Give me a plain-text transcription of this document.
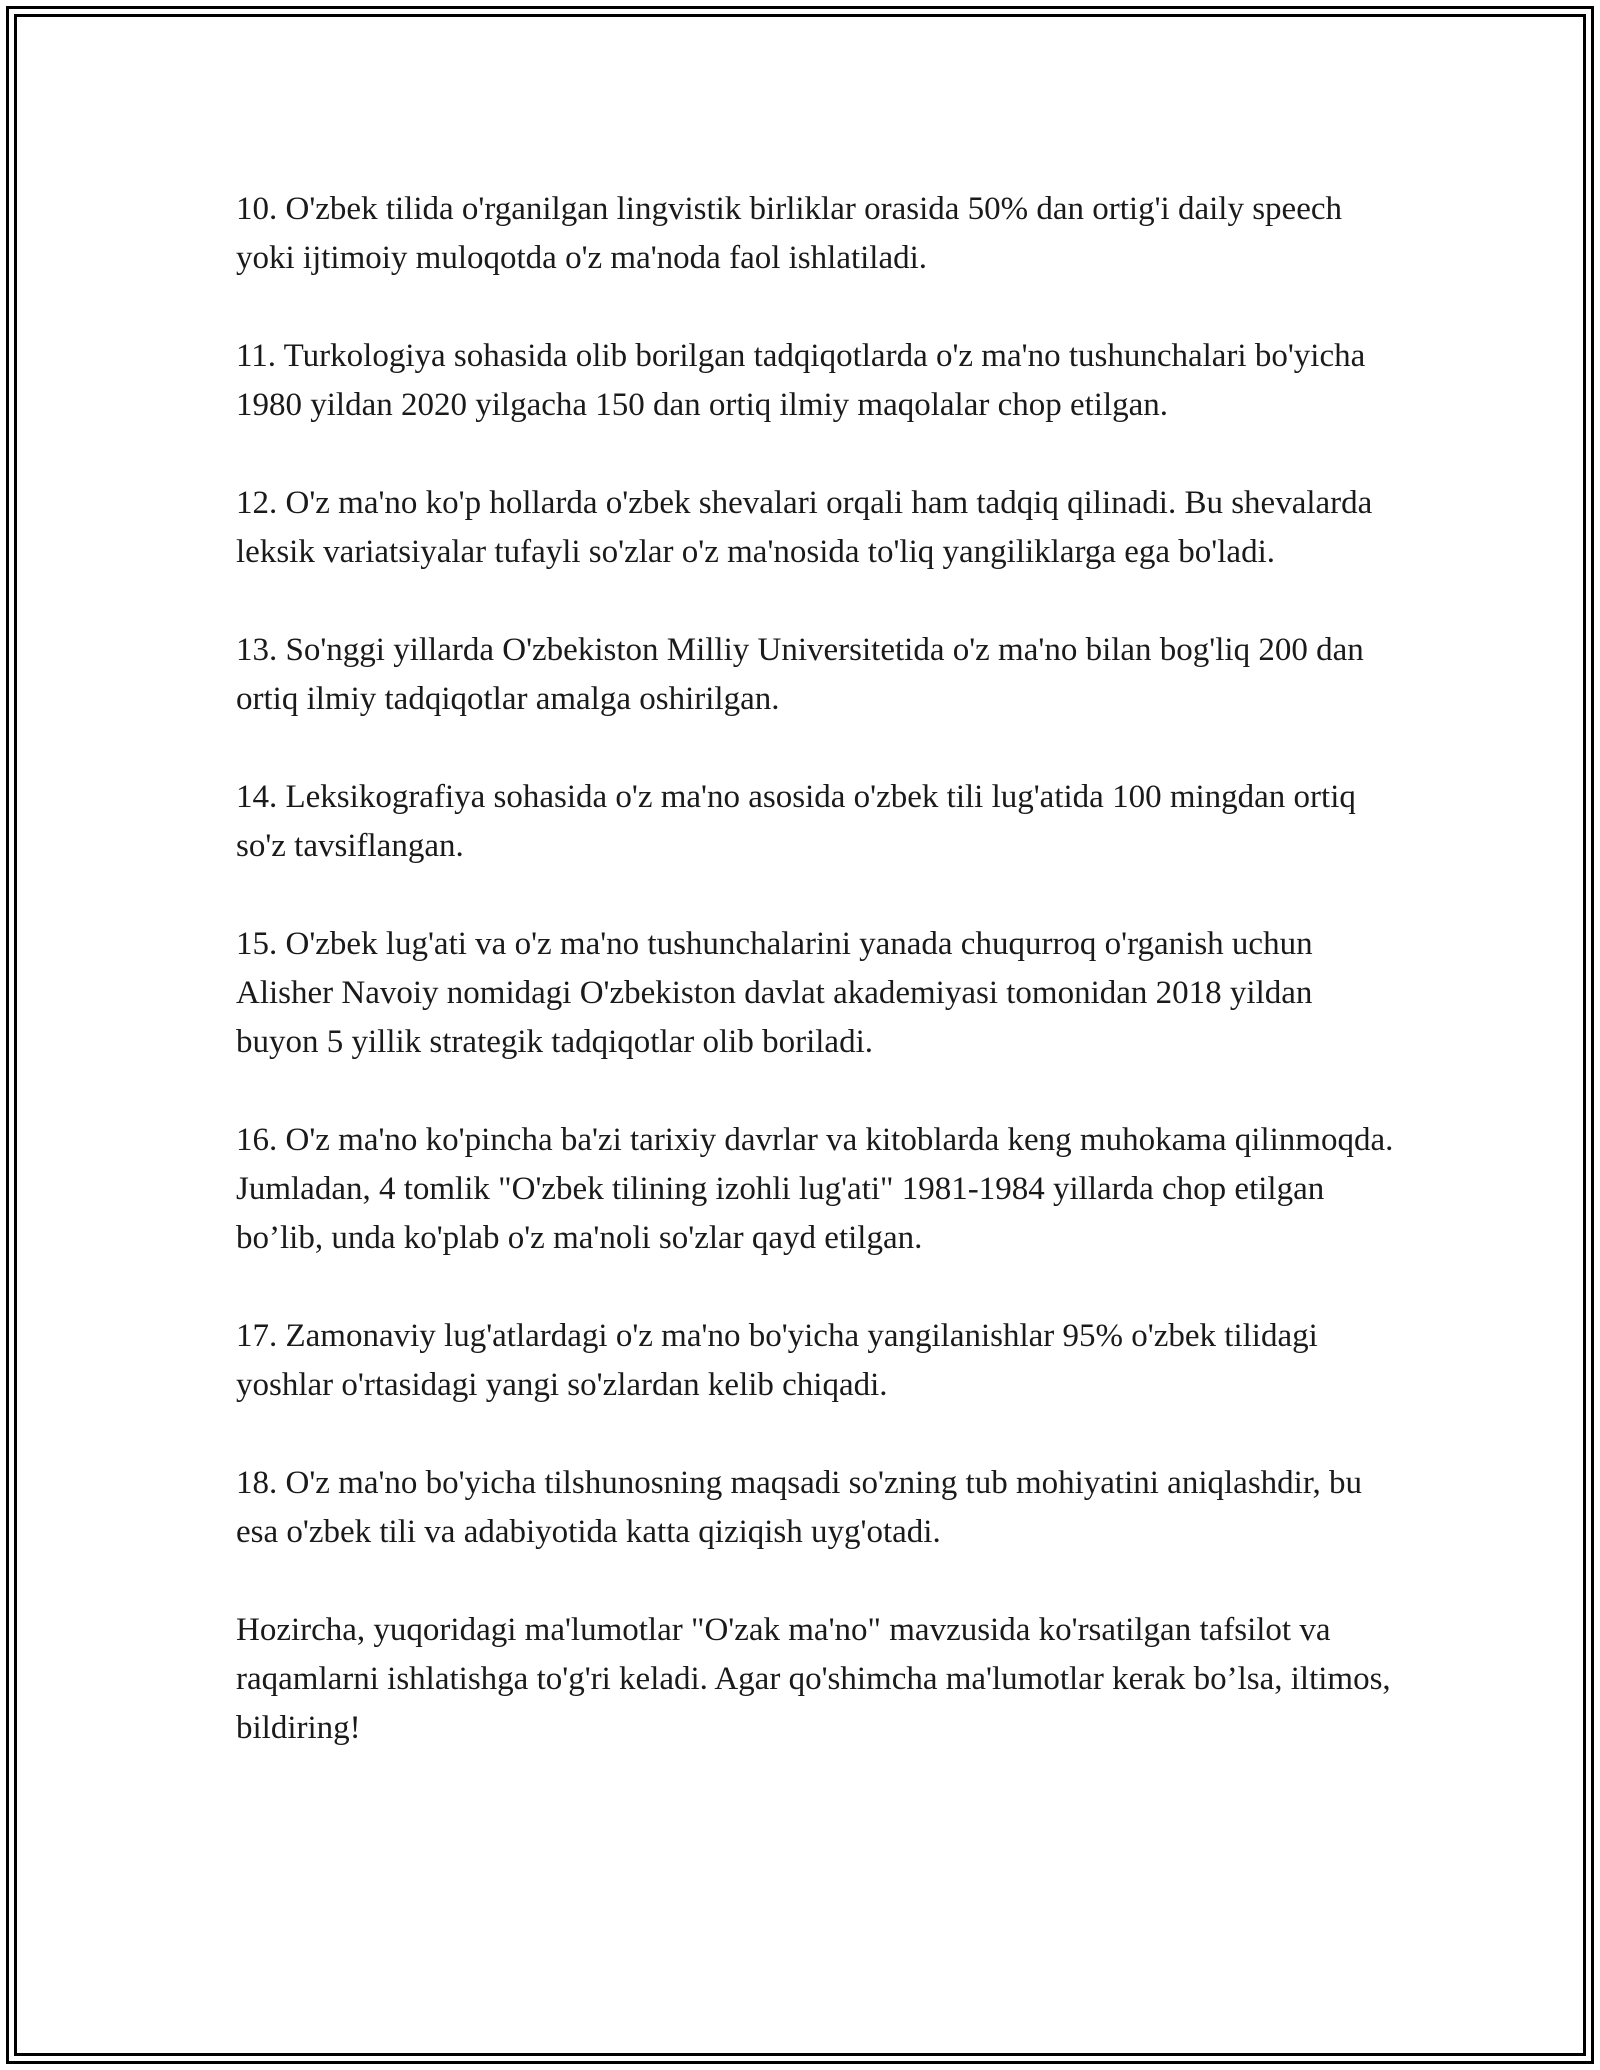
10. O'zbek tilida o'rganilgan lingvistik birliklar orasida 50% dan ortig'i daily speech yoki ijtimoiy muloqotda o'z ma'noda faol ishlatiladi.

11. Turkologiya sohasida olib borilgan tadqiqotlarda o'z ma'no tushunchalari bo'yicha 1980 yildan 2020 yilgacha 150 dan ortiq ilmiy maqolalar chop etilgan.

12. O'z ma'no ko'p hollarda o'zbek shevalari orqali ham tadqiq qilinadi. Bu shevalarda leksik variatsiyalar tufayli so'zlar o'z ma'nosida to'liq yangiliklarga ega bo'ladi.

13. So'nggi yillarda O'zbekiston Milliy Universitetida o'z ma'no bilan bog'liq 200 dan ortiq ilmiy tadqiqotlar amalga oshirilgan.

14. Leksikografiya sohasida o'z ma'no asosida o'zbek tili lug'atida 100 mingdan ortiq so'z tavsiflangan.

15. O'zbek lug'ati va o'z ma'no tushunchalarini yanada chuqurroq o'rganish uchun Alisher Navoiy nomidagi O'zbekiston davlat akademiyasi tomonidan 2018 yildan buyon 5 yillik strategik tadqiqotlar olib boriladi.

16. O'z ma'no ko'pincha ba'zi tarixiy davrlar va kitoblarda keng muhokama qilinmoqda. Jumladan, 4 tomlik "O'zbek tilining izohli lug'ati" 1981-1984 yillarda chop etilgan bo’lib, unda ko'plab o'z ma'noli so'zlar qayd etilgan.

17. Zamonaviy lug'atlardagi o'z ma'no bo'yicha yangilanishlar 95% o'zbek tilidagi yoshlar o'rtasidagi yangi so'zlardan kelib chiqadi.

18. O'z ma'no bo'yicha tilshunosning maqsadi so'zning tub mohiyatini aniqlashdir, bu esa o'zbek tili va adabiyotida katta qiziqish uyg'otadi.

Hozircha, yuqoridagi ma'lumotlar "O'zak ma'no" mavzusida ko'rsatilgan tafsilot va raqamlarni ishlatishga to'g'ri keladi. Agar qo'shimcha ma'lumotlar kerak bo’lsa, iltimos, bildiring!
